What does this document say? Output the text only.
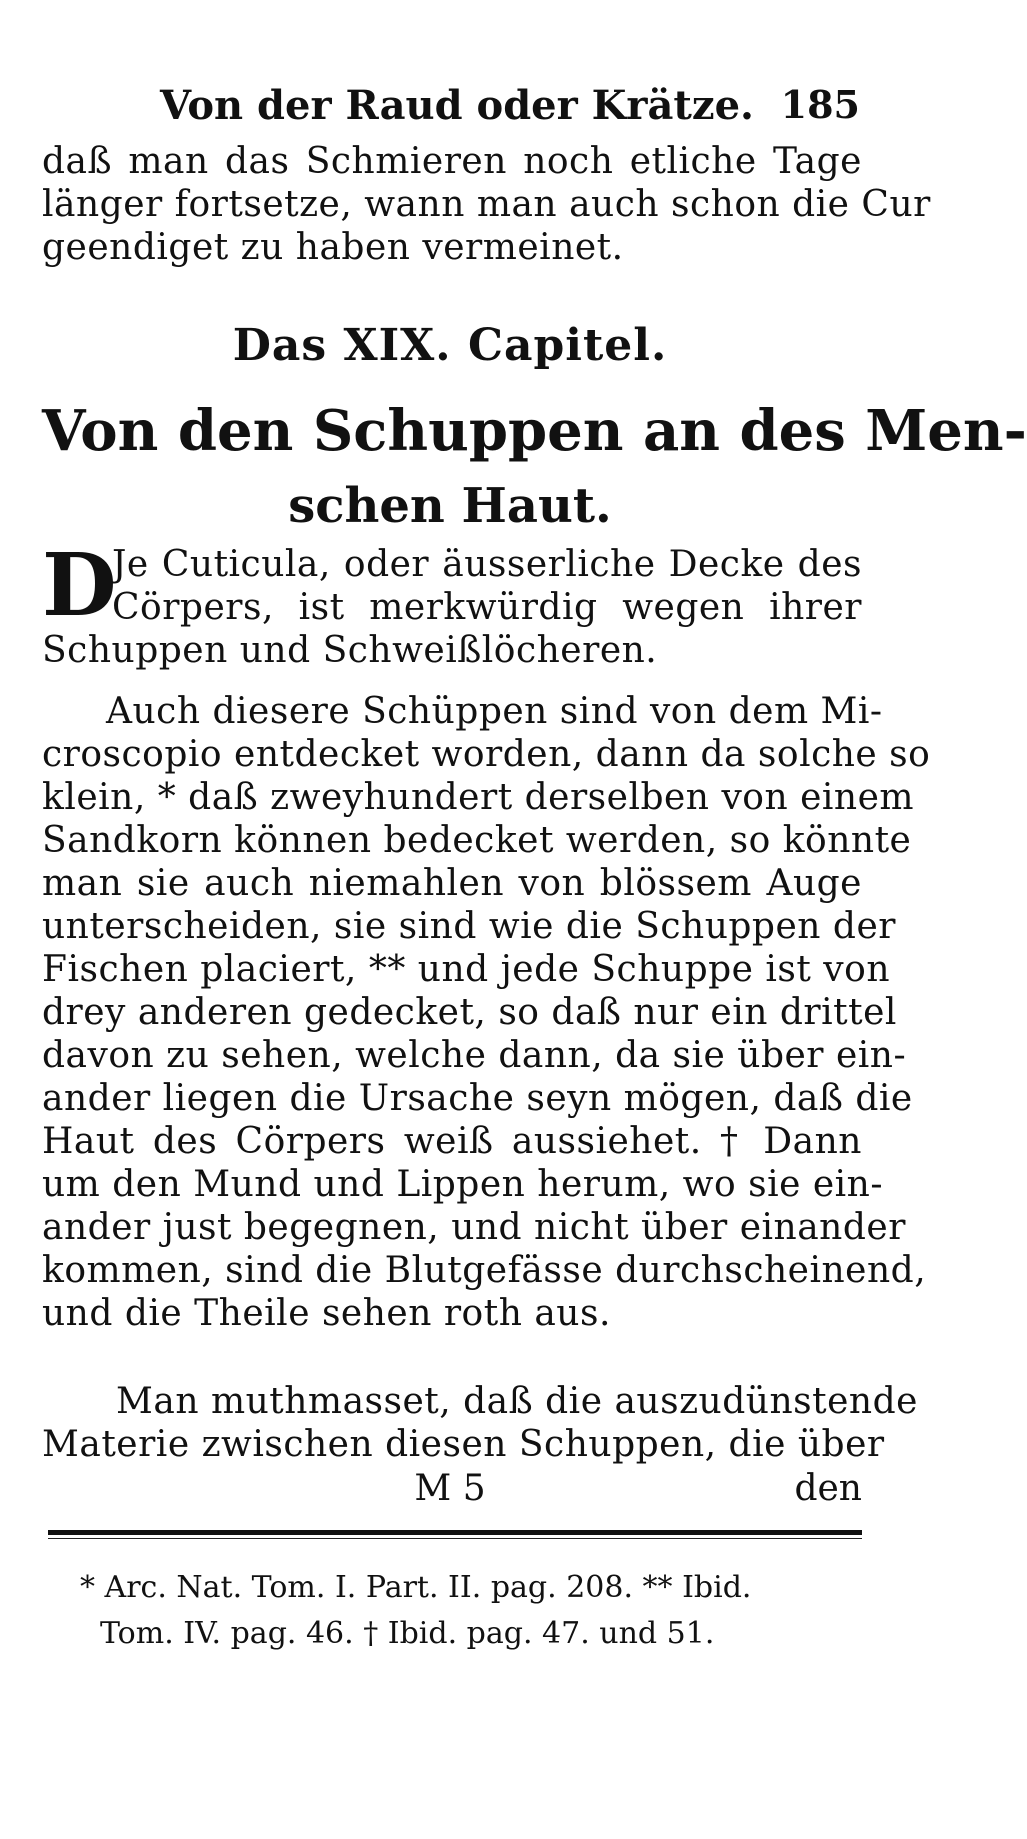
Von der Raud oder Krätze. 185
daß man das Schmieren noch etliche Tage
länger fortsetze, wann man auch schon die Cur
geendiget zu haben vermeinet.
Das XIX. Capitel.
Von den Schuppen an des Men-
schen Haut.
D
Je Cuticula, oder äusserliche Decke des
Cörpers, ist merkwürdig wegen ihrer
Schuppen und Schweißlöcheren.
Auch diesere Schüppen sind von dem Mi-
croscopio entdecket worden, dann da solche so
klein, * daß zweyhundert derselben von einem
Sandkorn können bedecket werden, so könnte
man sie auch niemahlen von blössem Auge
unterscheiden, sie sind wie die Schuppen der
Fischen placiert, ** und jede Schuppe ist von
drey anderen gedecket, so daß nur ein drittel
davon zu sehen, welche dann, da sie über ein-
ander liegen die Ursache seyn mögen, daß die
Haut des Cörpers weiß aussiehet. † Dann
um den Mund und Lippen herum, wo sie ein-
ander just begegnen, und nicht über einander
kommen, sind die Blutgefässe durchscheinend,
und die Theile sehen roth aus.
Man muthmasset, daß die auszudünstende
Materie zwischen diesen Schuppen, die über
M 5	den
* Arc. Nat. Tom. I. Part. II. pag. 208. ** Ibid.
Tom. IV. pag. 46. † Ibid. pag. 47. und 51.
